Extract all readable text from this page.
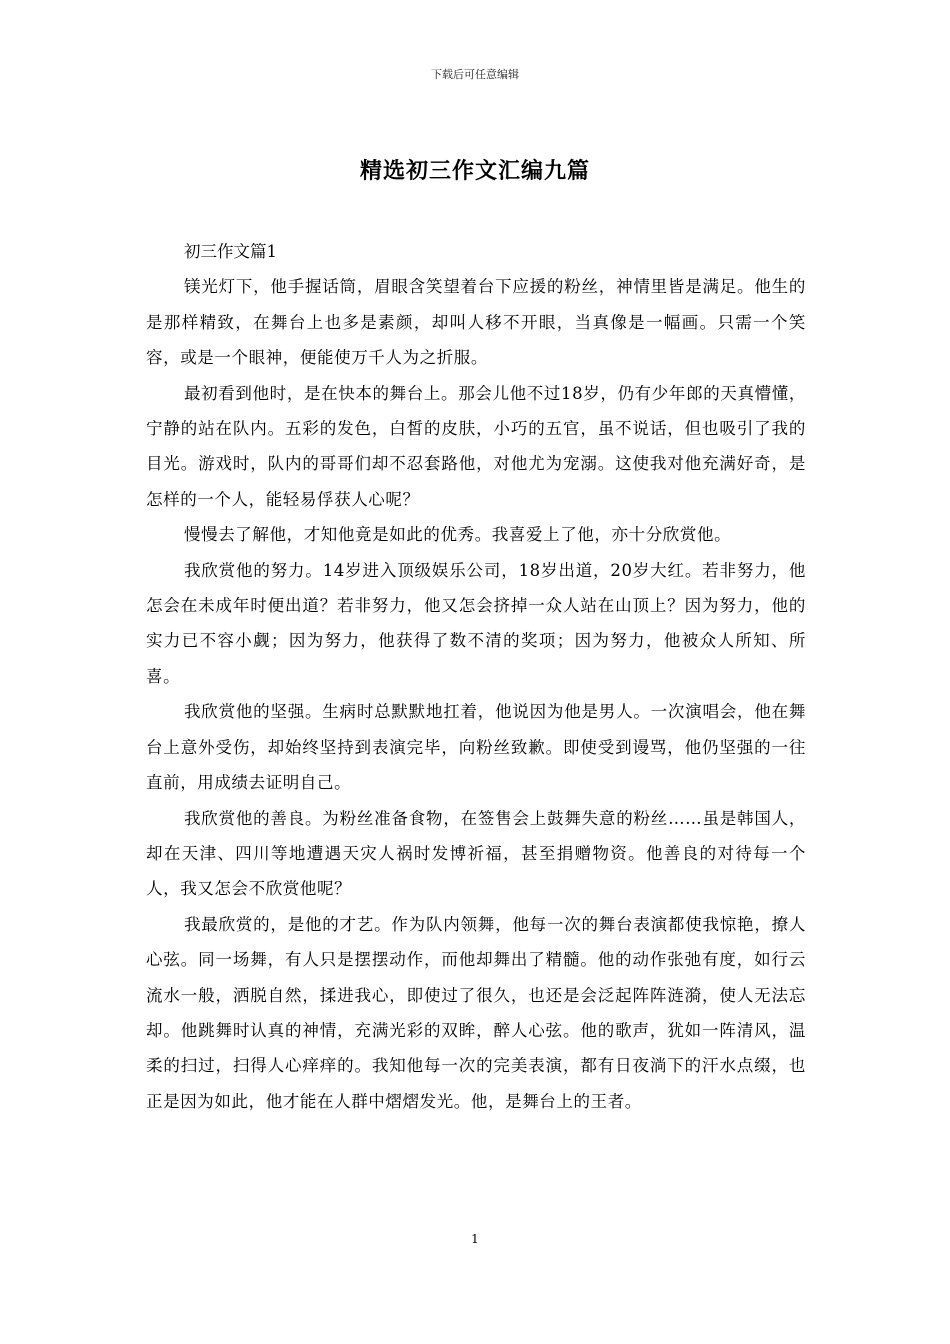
下载后可任意编辑
精选初三作文汇编九篇

初三作文篇1

镁光灯下，他手握话筒，眉眼含笑望着台下应援的粉丝，神情里皆是满足。他生的是那样精致，在舞台上也多是素颜，却叫人移不开眼，当真像是一幅画。只需一个笑容，或是一个眼神，便能使万千人为之折服。

最初看到他时，是在快本的舞台上。那会儿他不过18岁，仍有少年郎的天真懵懂，宁静的站在队内。五彩的发色，白皙的皮肤，小巧的五官，虽不说话，但也吸引了我的目光。游戏时，队内的哥哥们却不忍套路他，对他尤为宠溺。这使我对他充满好奇，是怎样的一个人，能轻易俘获人心呢？

慢慢去了解他，才知他竟是如此的优秀。我喜爱上了他，亦十分欣赏他。

我欣赏他的努力。14岁进入顶级娱乐公司，18岁出道，20岁大红。若非努力，他怎会在未成年时便出道？若非努力，他又怎会挤掉一众人站在山顶上？因为努力，他的实力已不容小觑；因为努力，他获得了数不清的奖项；因为努力，他被众人所知、所喜。

我欣赏他的坚强。生病时总默默地扛着，他说因为他是男人。一次演唱会，他在舞台上意外受伤，却始终坚持到表演完毕，向粉丝致歉。即使受到谩骂，他仍坚强的一往直前，用成绩去证明自己。

我欣赏他的善良。为粉丝准备食物，在签售会上鼓舞失意的粉丝……虽是韩国人，却在天津、四川等地遭遇天灾人祸时发博祈福，甚至捐赠物资。他善良的对待每一个人，我又怎会不欣赏他呢？

我最欣赏的，是他的才艺。作为队内领舞，他每一次的舞台表演都使我惊艳，撩人心弦。同一场舞，有人只是摆摆动作，而他却舞出了精髓。他的动作张弛有度，如行云流水一般，洒脱自然，揉进我心，即使过了很久，也还是会泛起阵阵涟漪，使人无法忘却。他跳舞时认真的神情，充满光彩的双眸，醉人心弦。他的歌声，犹如一阵清风，温柔的扫过，扫得人心痒痒的。我知他每一次的完美表演，都有日夜淌下的汗水点缀，也正是因为如此，他才能在人群中熠熠发光。他，是舞台上的王者。

1
